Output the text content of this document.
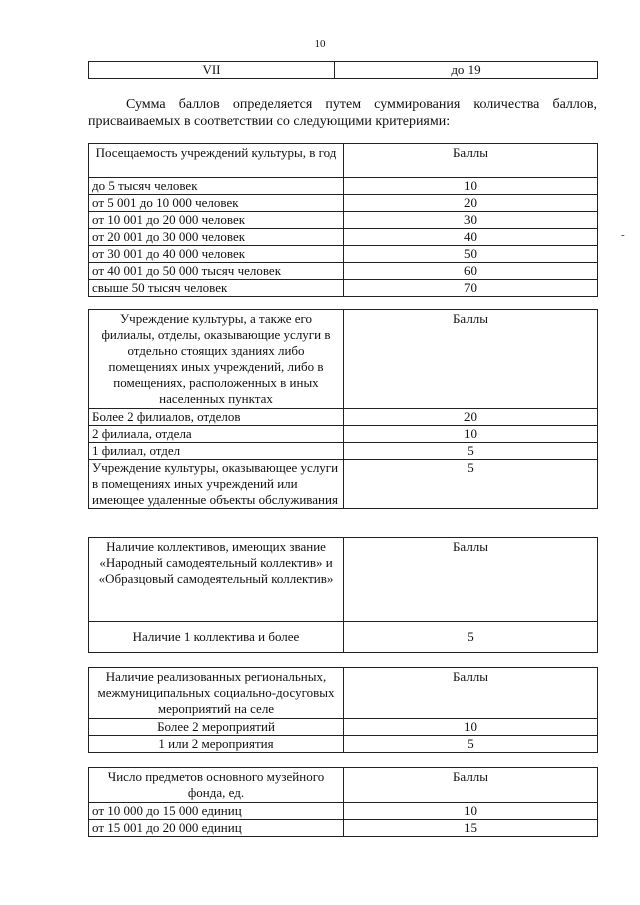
10
VII	до 19

Сумма баллов определяется путем суммирования количества баллов, присваиваемых в соответствии со следующими критериями:

-
Посещаемость учреждений культуры, в год	Баллы
до 5 тысяч человек	10
от 5 001 до 10 000 человек	20
от 10 001 до 20 000 человек	30
от 20 001 до 30 000 человек	40
от 30 001 до 40 000 человек	50
от 40 001 до 50 000 тысяч человек	60
свыше 50 тысяч человек	70
Учреждение культуры, а также его филиалы, отделы, оказывающие услуги в отдельно стоящих зданиях либо помещениях иных учреждений, либо в помещениях, расположенных в иных населенных пунктах	Баллы
Более 2 филиалов, отделов	20
2 филиала, отдела	10
1 филиал, отдел	5
Учреждение культуры, оказывающее услуги в помещениях иных учреждений или имеющее удаленные объекты обслуживания	5
Наличие коллективов, имеющих звание «Народный самодеятельный коллектив» и «Образцовый самодеятельный коллектив»	Баллы
Наличие 1 коллектива и более	5
Наличие реализованных региональных, межмуниципальных социально-досуговых мероприятий на селе	Баллы
Более 2 мероприятий	10
1 или 2 мероприятия	5
Число предметов основного музейного фонда, ед.	Баллы
от 10 000 до 15 000 единиц	10
от 15 001 до 20 000 единиц	15
